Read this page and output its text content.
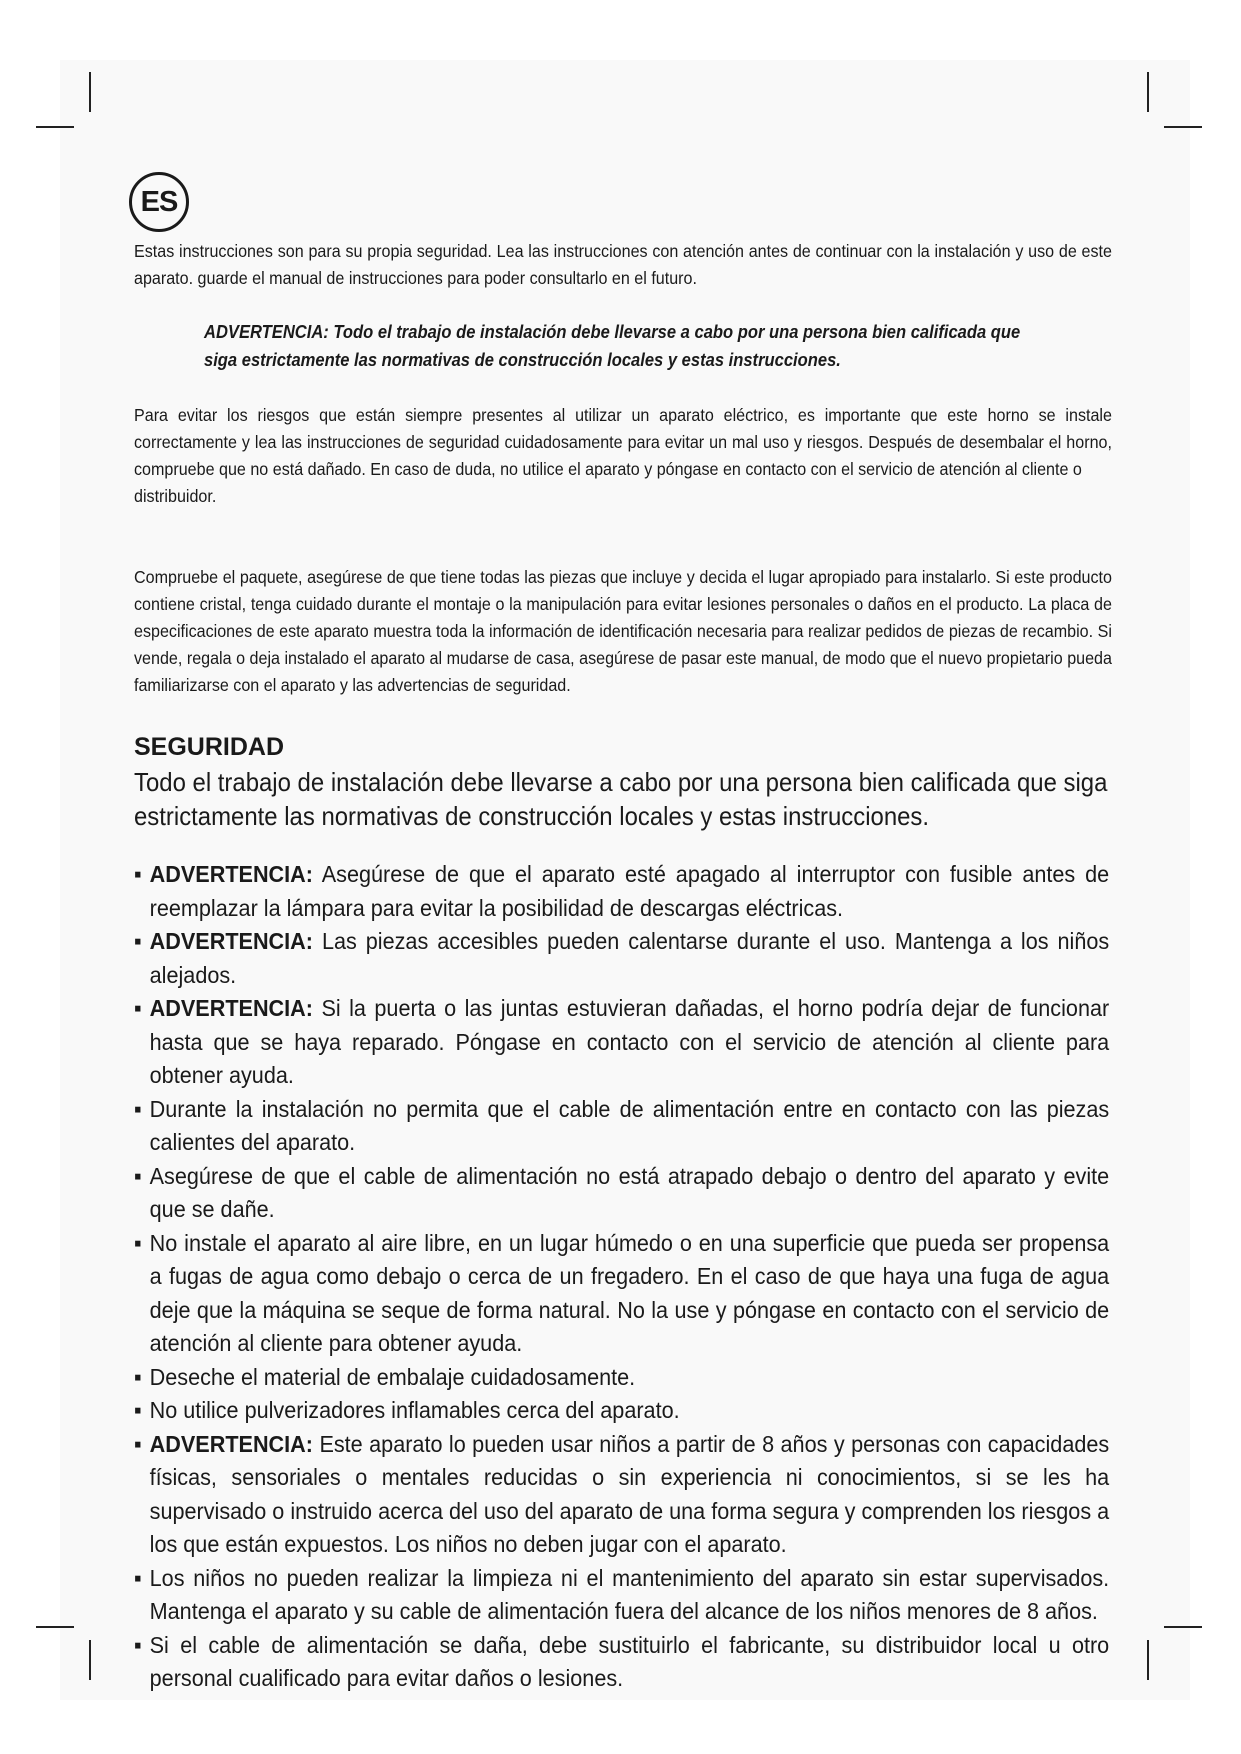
ES

Estas instrucciones son para su propia seguridad. Lea las instrucciones con atención antes de continuar con la instalación y uso de este aparato. guarde el manual de instrucciones para poder consultarlo en el futuro.

ADVERTENCIA: Todo el trabajo de instalación debe llevarse a cabo por una persona bien calificada que
siga estrictamente las normativas de construcción locales y estas instrucciones.

Para evitar los riesgos que están siempre presentes al utilizar un aparato eléctrico, es importante que este horno se instale correctamente y lea las instrucciones de seguridad cuidadosamente para evitar un mal uso y riesgos. Después de desembalar el horno, compruebe que no está dañado. En caso de duda, no utilice el aparato y póngase en contacto con el servicio de atención al cliente o

distribuidor.

Compruebe el paquete, asegúrese de que tiene todas las piezas que incluye y decida el lugar apropiado para instalarlo. Si este producto contiene cristal, tenga cuidado durante el montaje o la manipulación para evitar lesiones personales o daños en el producto. La placa de especificaciones de este aparato muestra toda la información de identificación necesaria para realizar pedidos de piezas de recambio. Si vende, regala o deja instalado el aparato al mudarse de casa, asegúrese de pasar este manual, de modo que el nuevo propietario pueda familiarizarse con el aparato y las advertencias de seguridad.

SEGURIDAD
Todo el trabajo de instalación debe llevarse a cabo por una persona bien calificada que siga estrictamente las normativas de construcción locales y estas instrucciones.
▪ ADVERTENCIA: Asegúrese de que el aparato esté apagado al interruptor con fusible antes de reemplazar la lámpara para evitar la posibilidad de descargas eléctricas.
▪ ADVERTENCIA: Las piezas accesibles pueden calentarse durante el uso. Mantenga a los niños alejados.
▪ ADVERTENCIA: Si la puerta o las juntas estuvieran dañadas, el horno podría dejar de funcionar hasta que se haya reparado. Póngase en contacto con el servicio de atención al cliente para obtener ayuda.
▪ Durante la instalación no permita que el cable de alimentación entre en contacto con las piezas calientes del aparato.
▪ Asegúrese de que el cable de alimentación no está atrapado debajo o dentro del aparato y evite que se dañe.
▪ No instale el aparato al aire libre, en un lugar húmedo o en una superficie que pueda ser propensa a fugas de agua como debajo o cerca de un fregadero. En el caso de que haya una fuga de agua deje que la máquina se seque de forma natural. No la use y póngase en contacto con el servicio de atención al cliente para obtener ayuda.
▪ Deseche el material de embalaje cuidadosamente.
▪ No utilice pulverizadores inflamables cerca del aparato.
▪ ADVERTENCIA: Este aparato lo pueden usar niños a partir de 8 años y personas con capacidades físicas, sensoriales o mentales reducidas o sin experiencia ni conocimientos, si se les ha supervisado o instruido acerca del uso del aparato de una forma segura y comprenden los riesgos a los que están expuestos. Los niños no deben jugar con el aparato.
▪ Los niños no pueden realizar la limpieza ni el mantenimiento del aparato sin estar supervisados. Mantenga el aparato y su cable de alimentación fuera del alcance de los niños menores de 8 años.
▪ Si el cable de alimentación se daña, debe sustituirlo el fabricante, su distribuidor local u otro personal cualificado para evitar daños o lesiones.
